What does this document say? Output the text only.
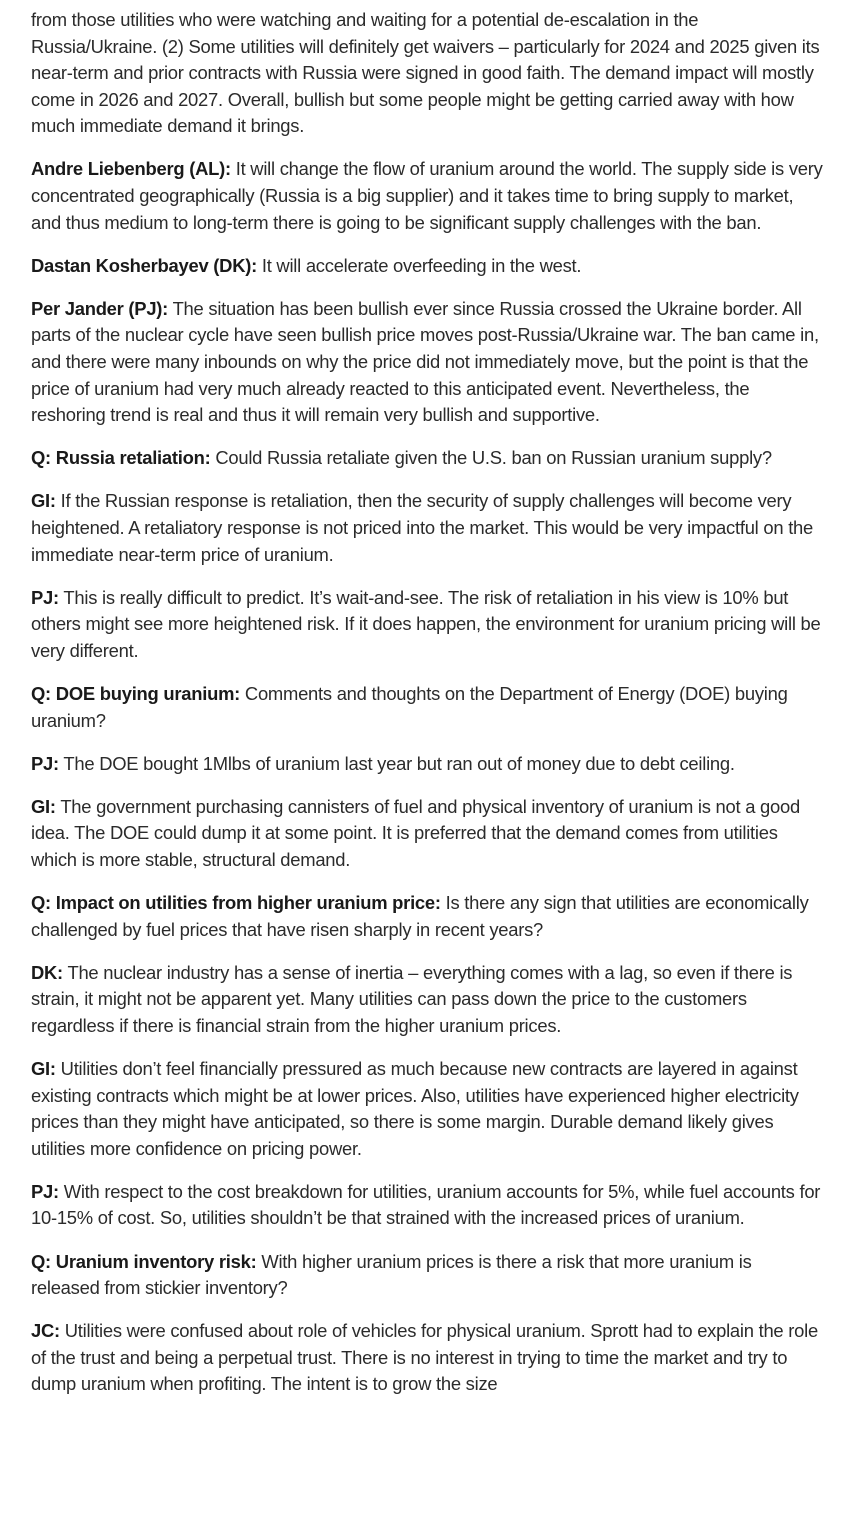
from those utilities who were watching and waiting for a potential de-escalation in the Russia/Ukraine. (2) Some utilities will definitely get waivers – particularly for 2024 and 2025 given its near-term and prior contracts with Russia were signed in good faith. The demand impact will mostly come in 2026 and 2027. Overall, bullish but some people might be getting carried away with how much immediate demand it brings.

Andre Liebenberg (AL): It will change the flow of uranium around the world. The supply side is very concentrated geographically (Russia is a big supplier) and it takes time to bring supply to market, and thus medium to long-term there is going to be significant supply challenges with the ban.

Dastan Kosherbayev (DK): It will accelerate overfeeding in the west.

Per Jander (PJ): The situation has been bullish ever since Russia crossed the Ukraine border. All parts of the nuclear cycle have seen bullish price moves post-Russia/Ukraine war. The ban came in, and there were many inbounds on why the price did not immediately move, but the point is that the price of uranium had very much already reacted to this anticipated event. Nevertheless, the reshoring trend is real and thus it will remain very bullish and supportive.

Q: Russia retaliation: Could Russia retaliate given the U.S. ban on Russian uranium supply?

GI: If the Russian response is retaliation, then the security of supply challenges will become very heightened. A retaliatory response is not priced into the market. This would be very impactful on the immediate near-term price of uranium.

PJ: This is really difficult to predict. It’s wait-and-see. The risk of retaliation in his view is 10% but others might see more heightened risk. If it does happen, the environment for uranium pricing will be very different.

Q: DOE buying uranium: Comments and thoughts on the Department of Energy (DOE) buying uranium?

PJ: The DOE bought 1Mlbs of uranium last year but ran out of money due to debt ceiling.

GI: The government purchasing cannisters of fuel and physical inventory of uranium is not a good idea. The DOE could dump it at some point. It is preferred that the demand comes from utilities which is more stable, structural demand.

Q: Impact on utilities from higher uranium price: Is there any sign that utilities are economically challenged by fuel prices that have risen sharply in recent years?

DK: The nuclear industry has a sense of inertia – everything comes with a lag, so even if there is strain, it might not be apparent yet. Many utilities can pass down the price to the customers regardless if there is financial strain from the higher uranium prices.

GI: Utilities don’t feel financially pressured as much because new contracts are layered in against existing contracts which might be at lower prices. Also, utilities have experienced higher electricity prices than they might have anticipated, so there is some margin. Durable demand likely gives utilities more confidence on pricing power.

PJ: With respect to the cost breakdown for utilities, uranium accounts for 5%, while fuel accounts for 10-15% of cost. So, utilities shouldn’t be that strained with the increased prices of uranium.

Q: Uranium inventory risk: With higher uranium prices is there a risk that more uranium is released from stickier inventory?

JC: Utilities were confused about role of vehicles for physical uranium. Sprott had to explain the role of the trust and being a perpetual trust. There is no interest in trying to time the market and try to dump uranium when profiting. The intent is to grow the size
